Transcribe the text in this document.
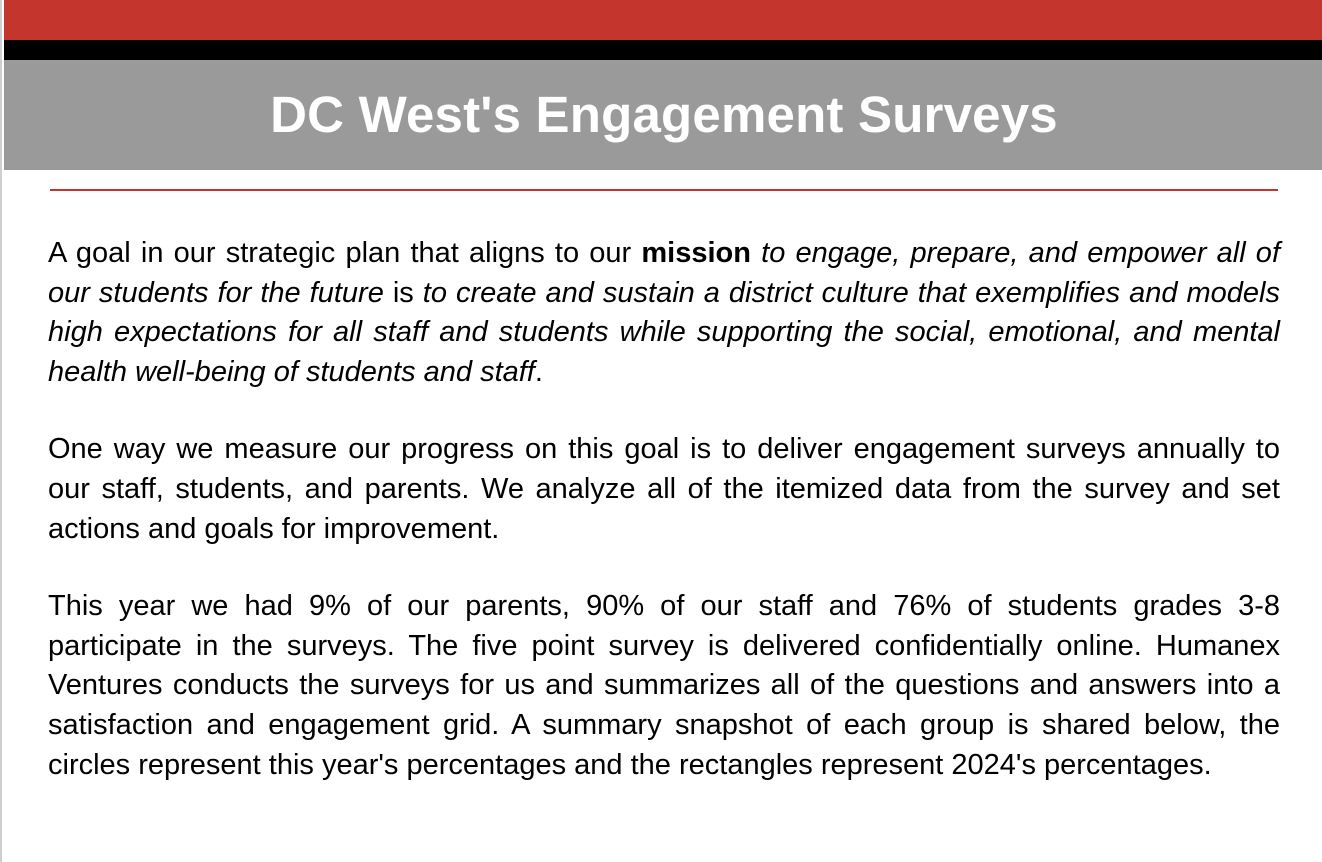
DC West's Engagement Surveys

A goal in our strategic plan that aligns to our mission to engage, prepare, and empower all of our students for the future is to create and sustain a district culture that exemplifies and models high expectations for all staff and students while supporting the social, emotional, and mental health well-being of students and staff.

One way we measure our progress on this goal is to deliver engagement surveys annually to our staff, students, and parents. We analyze all of the itemized data from the survey and set actions and goals for improvement.

This year we had 9% of our parents, 90% of our staff and 76% of students grades 3-8 participate in the surveys. The five point survey is delivered confidentially online. Humanex Ventures conducts the surveys for us and summarizes all of the questions and answers into a satisfaction and engagement grid. A summary snapshot of each group is shared below, the circles represent this year's percentages and the rectangles represent 2024's percentages.
